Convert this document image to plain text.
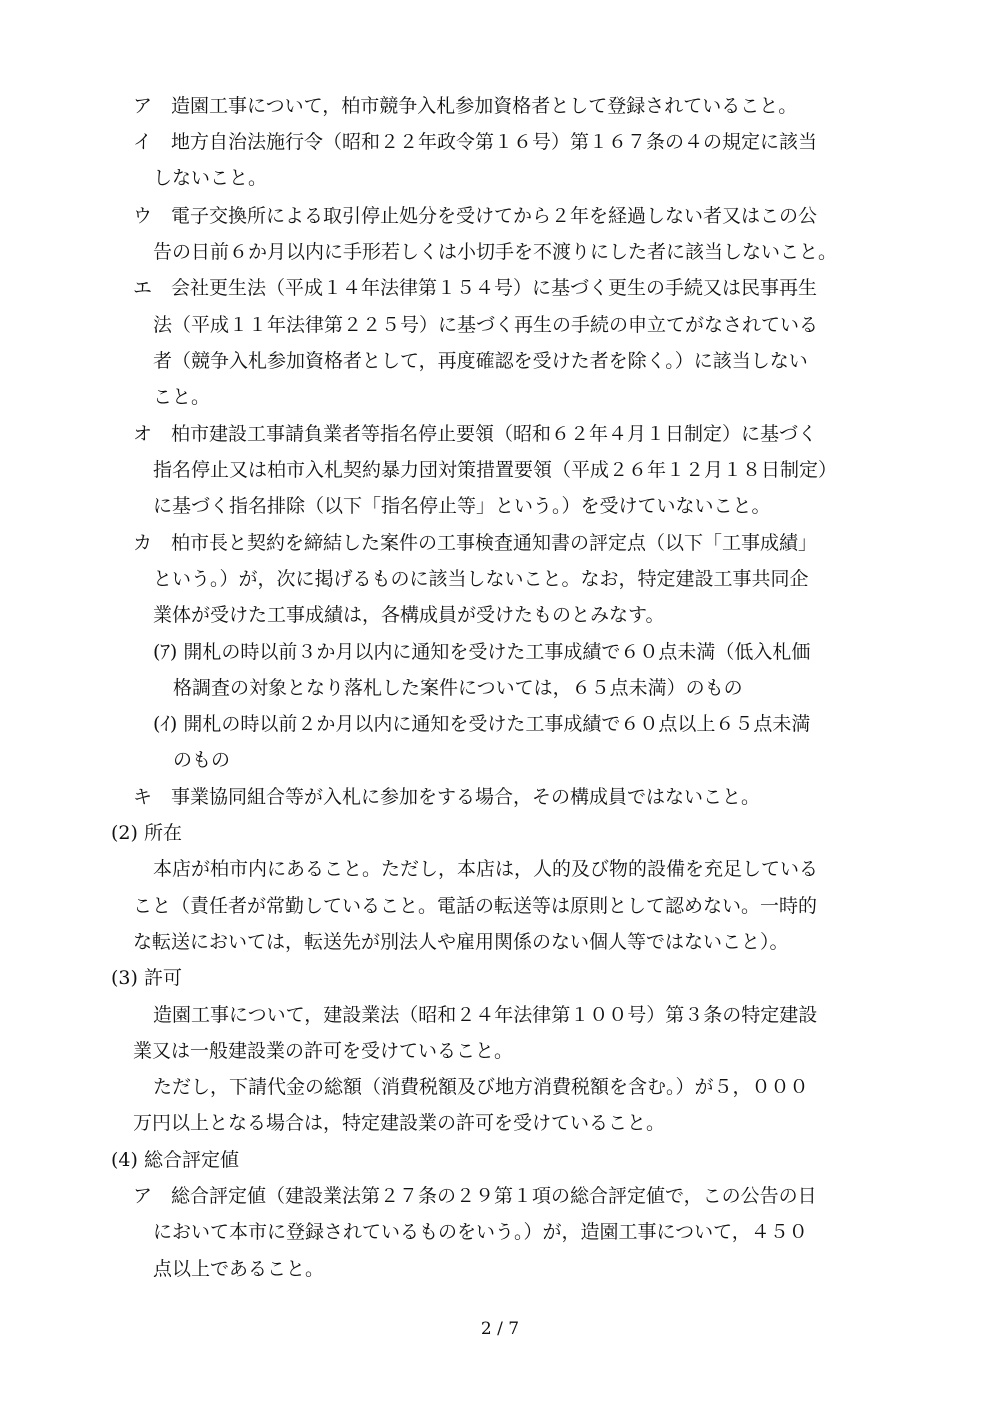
ア　造園工事について，柏市競争入札参加資格者として登録されていること。

イ　地方自治法施行令（昭和２２年政令第１６号）第１６７条の４の規定に該当

しないこと。

ウ　電子交換所による取引停止処分を受けてから２年を経過しない者又はこの公

告の日前６か月以内に手形若しくは小切手を不渡りにした者に該当しないこと。

エ　会社更生法（平成１４年法律第１５４号）に基づく更生の手続又は民事再生

法（平成１１年法律第２２５号）に基づく再生の手続の申立てがなされている

者（競争入札参加資格者として，再度確認を受けた者を除く。）に該当しない

こと。

オ　柏市建設工事請負業者等指名停止要領（昭和６２年４月１日制定）に基づく

指名停止又は柏市入札契約暴力団対策措置要領（平成２６年１２月１８日制定）

に基づく指名排除（以下「指名停止等」という。）を受けていないこと。

カ　柏市長と契約を締結した案件の工事検査通知書の評定点（以下「工事成績」

という。）が，次に掲げるものに該当しないこと。なお，特定建設工事共同企

業体が受けた工事成績は，各構成員が受けたものとみなす。

(ｱ) 開札の時以前３か月以内に通知を受けた工事成績で６０点未満（低入札価

格調査の対象となり落札した案件については，６５点未満）のもの

(ｲ) 開札の時以前２か月以内に通知を受けた工事成績で６０点以上６５点未満

のもの

キ　事業協同組合等が入札に参加をする場合，その構成員ではないこと。

(2) 所在

本店が柏市内にあること。ただし，本店は，人的及び物的設備を充足している

こと（責任者が常勤していること。電話の転送等は原則として認めない。一時的

な転送においては，転送先が別法人や雇用関係のない個人等ではないこと）。

(3) 許可

造園工事について，建設業法（昭和２４年法律第１００号）第３条の特定建設

業又は一般建設業の許可を受けていること。

ただし，下請代金の総額（消費税額及び地方消費税額を含む。）が５，０００

万円以上となる場合は，特定建設業の許可を受けていること。

(4) 総合評定値

ア　総合評定値（建設業法第２７条の２９第１項の総合評定値で，この公告の日

において本市に登録されているものをいう。）が，造園工事について，４５０

点以上であること。

2 / 7
